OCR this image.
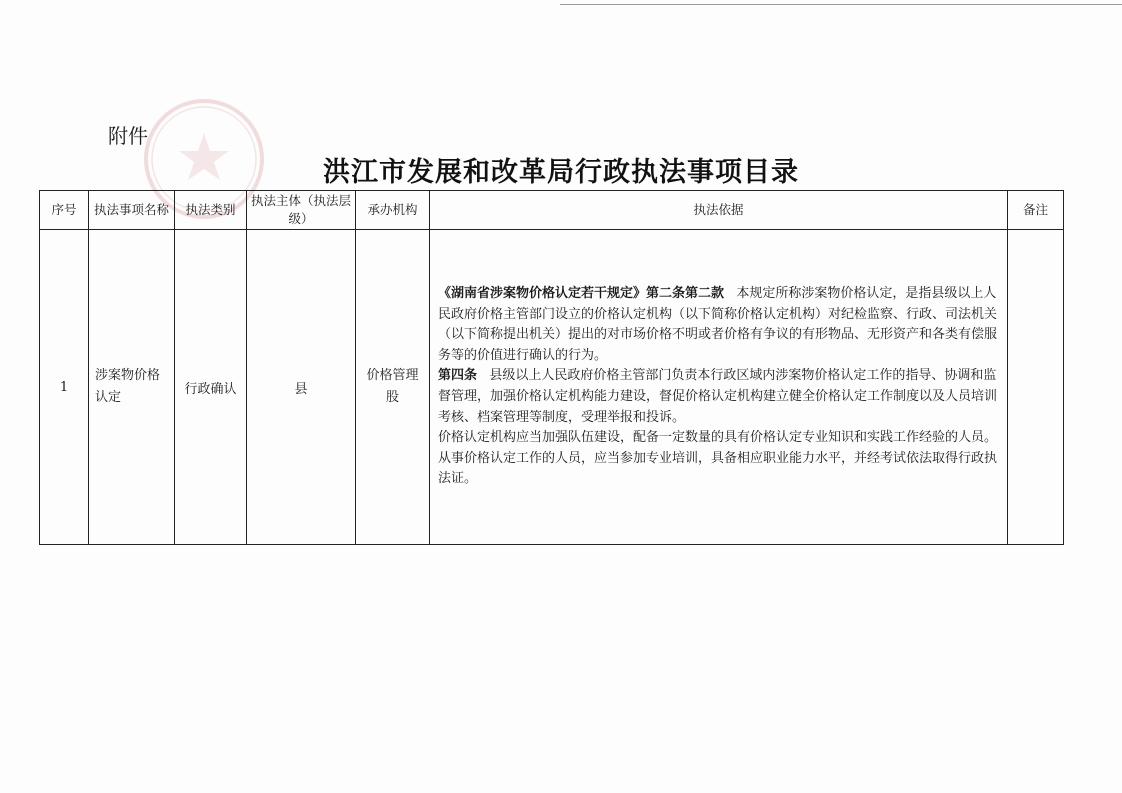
附件
洪江市发展和改革局行政执法事项目录
序号	执法事项名称	执法类别	执法主体（执法层级）	承办机构	执法依据	备注
1	涉案物价格认定	行政确认	县	价格管理股	《湖南省涉案物价格认定若干规定》第二条第二款 本规定所称涉案物价格认定，是指县级以上人民政府价格主管部门设立的价格认定机构（以下简称价格认定机构）对纪检监察、行政、司法机关（以下简称提出机关）提出的对市场价格不明或者价格有争议的有形物品、无形资产和各类有偿服务等的价值进行确认的行为。

第四条 县级以上人民政府价格主管部门负责本行政区域内涉案物价格认定工作的指导、协调和监督管理，加强价格认定机构能力建设，督促价格认定机构建立健全价格认定工作制度以及人员培训考核、档案管理等制度，受理举报和投诉。

价格认定机构应当加强队伍建设，配备一定数量的具有价格认定专业知识和实践工作经验的人员。从事价格认定工作的人员，应当参加专业培训，具备相应职业能力水平，并经考试依法取得行政执法证。	
